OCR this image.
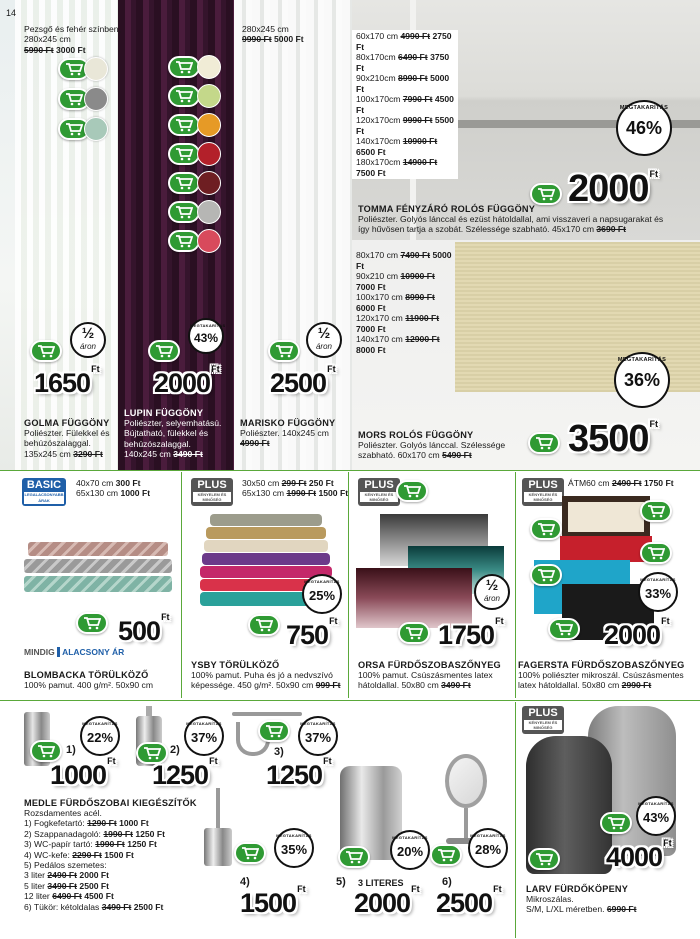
14
Pezsgő és fehér színben,
280x245 cm
5990 Ft 3000 Ft
½
áron
$1650^{Ft}$
GOLMA FÜGGÖNY
Poliészter. Fülekkel és
behúzószalaggal.
135x245 cm 3290 Ft
MEGTAKARÍTÁS
43%
$2000^{Ft}$
LUPIN FÜGGÖNY
Poliészter, selyemhatású.
Bújtatható, fülekkel és
behúzószalaggal.
140x245 cm 3490 Ft
280x245 cm
9990 Ft 5000 Ft
½
áron
$2500^{Ft}$
MARISKO FÜGGÖNY
Poliészter. 140x245 cm
4990 Ft
60x170 cm 4990 Ft 2750 Ft
80x170cm 6490 Ft 3750 Ft
90x210cm 8990 Ft 5000 Ft
100x170cm 7990 Ft 4500 Ft
120x170cm 9990 Ft 5500 Ft
140x170cm 10900 Ft 6500 Ft
180x170cm 14900 Ft 7500 Ft
MEGTAKARÍTÁS
46%
$2000^{Ft}$
TOMMA FÉNYZÁRÓ ROLÓS FÜGGÖNY
Poliészter. Golyós lánccal és ezüst hátoldallal, ami visszaveri a napsugarakat és
így hűvösen tartja a szobát. Szélessége szabható. 45x170 cm 3690 Ft
80x170 cm 7490 Ft 5000 Ft
90x210 cm 10900 Ft 7000 Ft
100x170 cm 8990 Ft 6000 Ft
120x170 cm 11900 Ft 7000 Ft
140x170 cm 12900 Ft 8000 Ft
MEGTAKARÍTÁS
36%
$3500^{Ft}$
MORS ROLÓS FÜGGÖNY
Poliészter. Golyós lánccal. Szélessége
szabható. 60x170 cm 5490 Ft
BASIC
LEGALACSONYABB ÁRAK
40x70 cm 300 Ft
65x130 cm 1000 Ft
$500^{Ft}$
MINDIG ALACSONY ÁR
BLOMBACKA TÖRÜLKÖZŐ
100% pamut. 400 g/m². 50x90 cm
PLUS
KÉNYELEM ÉS MINŐSÉG
30x50 cm 299 Ft 250 Ft
65x130 cm 1990 Ft 1500 Ft
MEGTAKARÍTÁS
25%
$750^{Ft}$
YSBY TÖRÜLKÖZŐ
100% pamut. Puha és jó a nedvszívó
képessége. 450 g/m². 50x90 cm 999 Ft
PLUS
KÉNYELEM ÉS MINŐSÉG
½
áron
$1750^{Ft}$
ORSA FÜRDŐSZOBASZŐNYEG
100% pamut. Csúszásmentes latex
hátoldallal. 50x80 cm 3490 Ft
PLUS
KÉNYELEM ÉS MINŐSÉG
ÁTM60 cm 2490 Ft 1750 Ft
MEGTAKARÍTÁS
33%
$2000^{Ft}$
FAGERSTA FÜRDŐSZOBASZŐNYEG
100% poliészter mikroszál. Csúszásmentes
latex hátoldallal. 50x80 cm 2990 Ft
1)
MEGTAKARÍTÁS
22%
$1000^{Ft}$
2)
MEGTAKARÍTÁS
37%
$1250^{Ft}$
3)
MEGTAKARÍTÁS
37%
$1250^{Ft}$
MEGTAKARÍTÁS
35%
4)
$1500^{Ft}$
MEGTAKARÍTÁS
20%
5) 3 LITERES
$2000^{Ft}$
MEGTAKARÍTÁS
28%
6)
$2500^{Ft}$
MEDLE FÜRDŐSZOBAI KIEGÉSZÍTŐK
Rozsdamentes acél.
1) Fogkefetartó: 1290 Ft 1000 Ft
2) Szappanadagoló: 1990 Ft 1250 Ft
3) WC-papír tartó: 1990 Ft 1250 Ft
4) WC-kefe: 2290 Ft 1500 Ft
5) Pedálos szemetes:
3 liter 2490 Ft 2000 Ft
5 liter 3490 Ft 2500 Ft
12 liter 6490 Ft 4500 Ft
6) Tükör: kétoldalas 3490 Ft 2500 Ft
PLUS
KÉNYELEM ÉS MINŐSÉG
MEGTAKARÍTÁS
43%
$4000^{Ft}$
LARV FÜRDŐKÖPENY
Mikroszálas.
S/M, L/XL méretben. 6990 Ft
